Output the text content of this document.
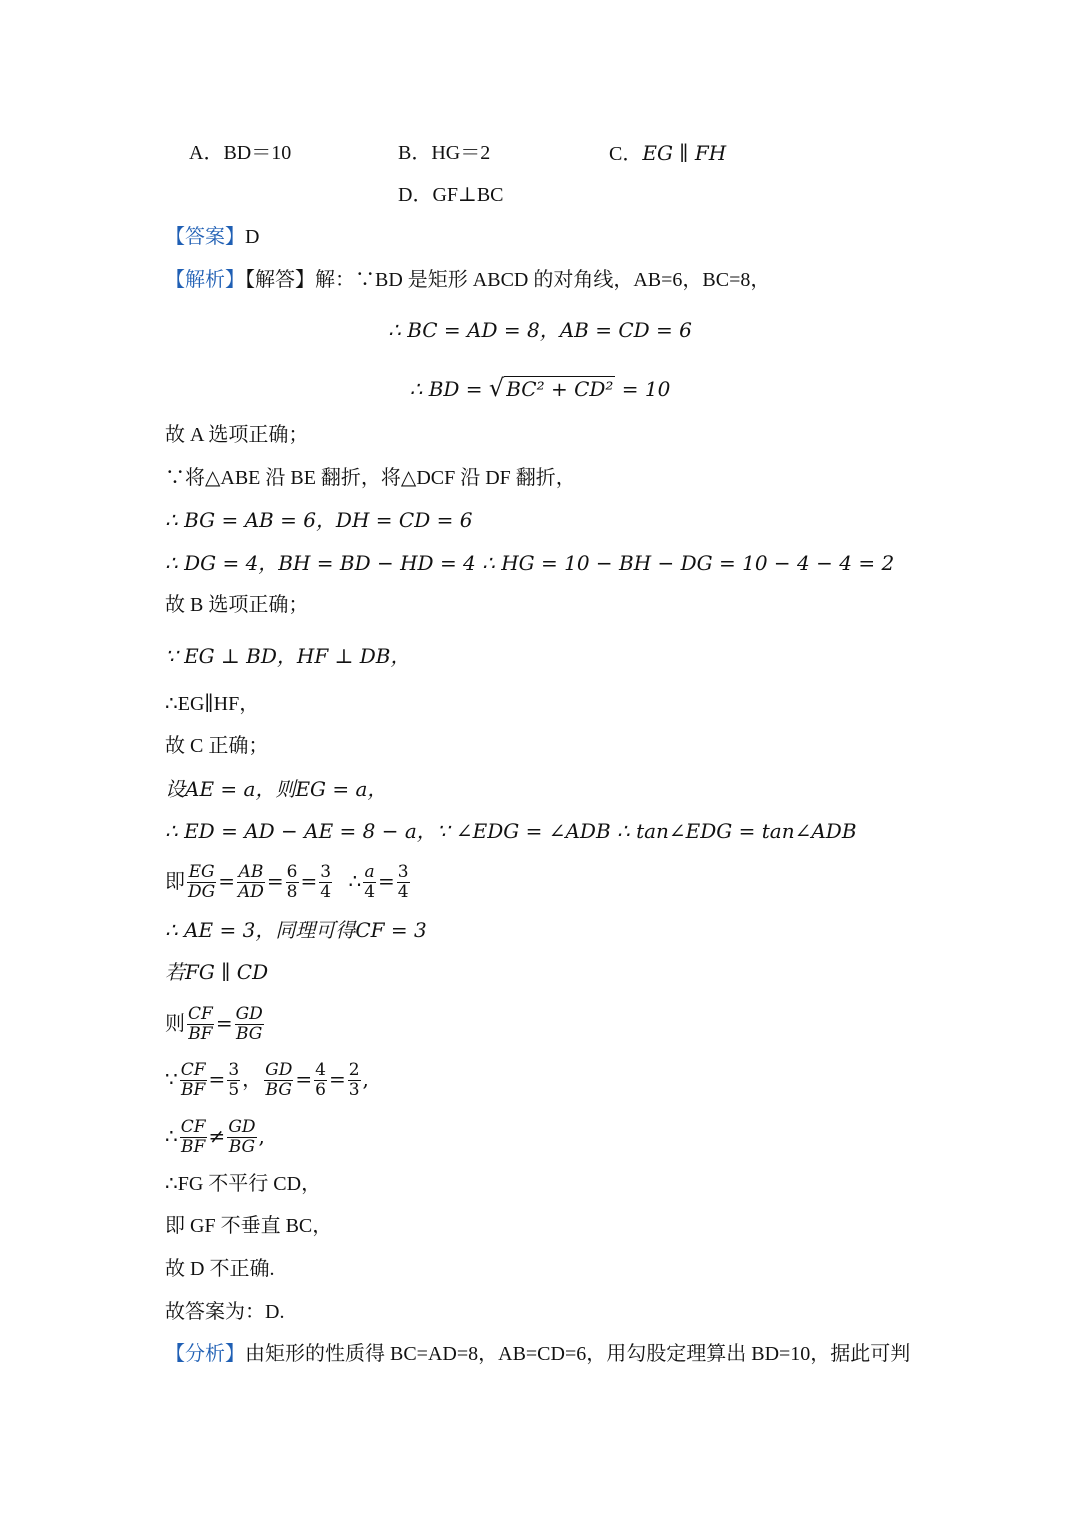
A．BD＝10	B．HG＝2	C．EG ∥ FH
D．GF⊥BC
【答案】D
【解析】【解答】解：∵BD 是矩形 ABCD 的对角线，AB=6，BC=8，
∴ BC = AD = 8，AB = CD = 6
∴ BD = √ BC² + CD² = 10
故 A 选项正确；
∵将△ABE 沿 BE 翻折，将△DCF 沿 DF 翻折，
∴ BG = AB = 6，DH = CD = 6
∴ DG = 4，BH = BD − HD = 4 ∴ HG = 10 − BH − DG = 10 − 4 − 4 = 2
故 B 选项正确；
∵ EG ⊥ BD，HF ⊥ DB，
∴EG∥HF，
故 C 正确；
设AE = a，则EG = a，
∴ ED = AD − AE = 8 − a，∵ ∠EDG = ∠ADB ∴ tan∠EDG = tan∠ADB
即 $\frac{EG}{DG} = \frac{AB}{AD} = \frac{6}{8} = \frac{3}{4}$ ∴ $\frac{a}{4} = \frac{3}{4}$
∴ AE = 3，同理可得CF = 3
若FG ∥ CD
则 $\frac{CF}{BF} = \frac{GD}{BG}$
∵ $\frac{CF}{BF} = \frac{3}{5}$ ， $\frac{GD}{BG} = \frac{4}{6} = \frac{2}{3}$ ,
∴ $\frac{CF}{BF} \ne \frac{GD}{BG}$ ,
∴FG 不平行 CD，
即 GF 不垂直 BC，
故 D 不正确.
故答案为：D.
【分析】由矩形的性质得 BC=AD=8，AB=CD=6，用勾股定理算出 BD=10，据此可判
